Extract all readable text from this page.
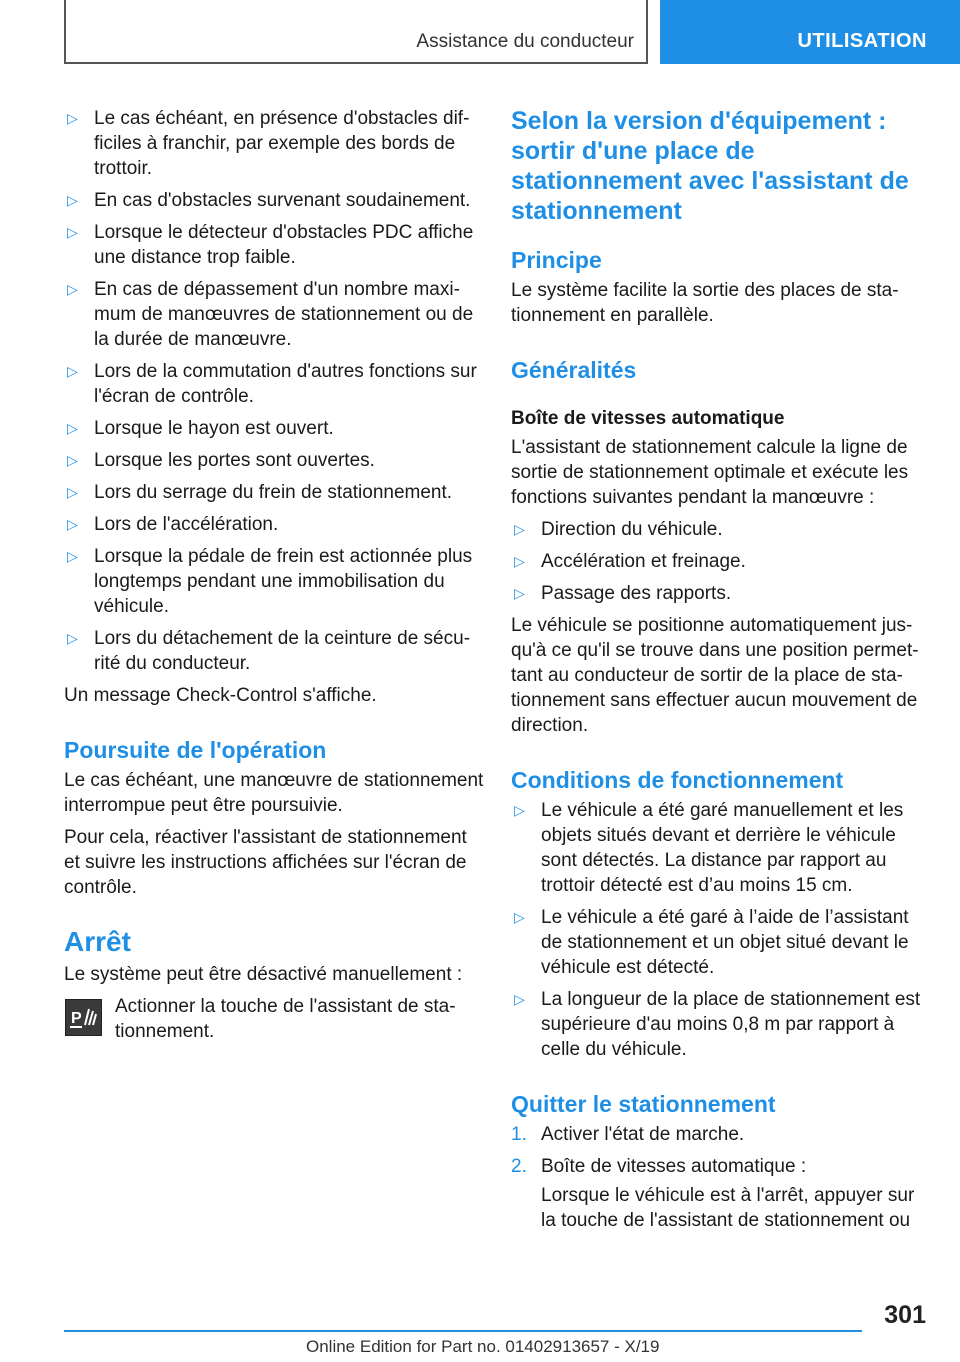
Assistance du conducteur	UTILISATION
▷ Le cas échéant, en présence d'obstacles difficiles à franchir, par exemple des bords de trottoir.
▷ En cas d'obstacles survenant soudainement.
▷ Lorsque le détecteur d'obstacles PDC affiche une distance trop faible.
▷ En cas de dépassement d'un nombre maximum de manœuvres de stationnement ou de la durée de manœuvre.
▷ Lors de la commutation d'autres fonctions sur l'écran de contrôle.
▷ Lorsque le hayon est ouvert.
▷ Lorsque les portes sont ouvertes.
▷ Lors du serrage du frein de stationnement.
▷ Lors de l'accélération.
▷ Lorsque la pédale de frein est actionnée plus longtemps pendant une immobilisation du véhicule.
▷ Lors du détachement de la ceinture de sécurité du conducteur.

Un message Check-Control s'affiche.

Poursuite de l'opération

Le cas échéant, une manœuvre de stationnement interrompue peut être poursuivie.

Pour cela, réactiver l'assistant de stationnement et suivre les instructions affichées sur l'écran de contrôle.

Arrêt

Le système peut être désactivé manuellement :

P
Actionner la touche de l'assistant de stationnement.
Selon la version d'équipement : sortir d'une place de stationnement avec l'assistant de stationnement
Principe

Le système facilite la sortie des places de stationnement en parallèle.

Généralités
Boîte de vitesses automatique

L'assistant de stationnement calcule la ligne de sortie de stationnement optimale et exécute les fonctions suivantes pendant la manœuvre :

▷ Direction du véhicule.
▷ Accélération et freinage.
▷ Passage des rapports.

Le véhicule se positionne automatiquement jusqu'à ce qu'il se trouve dans une position permettant au conducteur de sortir de la place de stationnement sans effectuer aucun mouvement de direction.

Conditions de fonctionnement
▷ Le véhicule a été garé manuellement et les objets situés devant et derrière le véhicule sont détectés. La distance par rapport au trottoir détecté est d’au moins 15 cm.
▷ Le véhicule a été garé à l’aide de l’assistant de stationnement et un objet situé devant le véhicule est détecté.
▷ La longueur de la place de stationnement est supérieure d'au moins 0,8 m par rapport à celle du véhicule.
Quitter le stationnement
1. Activer l'état de marche.
2. Boîte de vitesses automatique :
Lorsque le véhicule est à l'arrêt, appuyer sur la touche de l'assistant de stationnement ou
301
Online Edition for Part no. 01402913657 - X/19
